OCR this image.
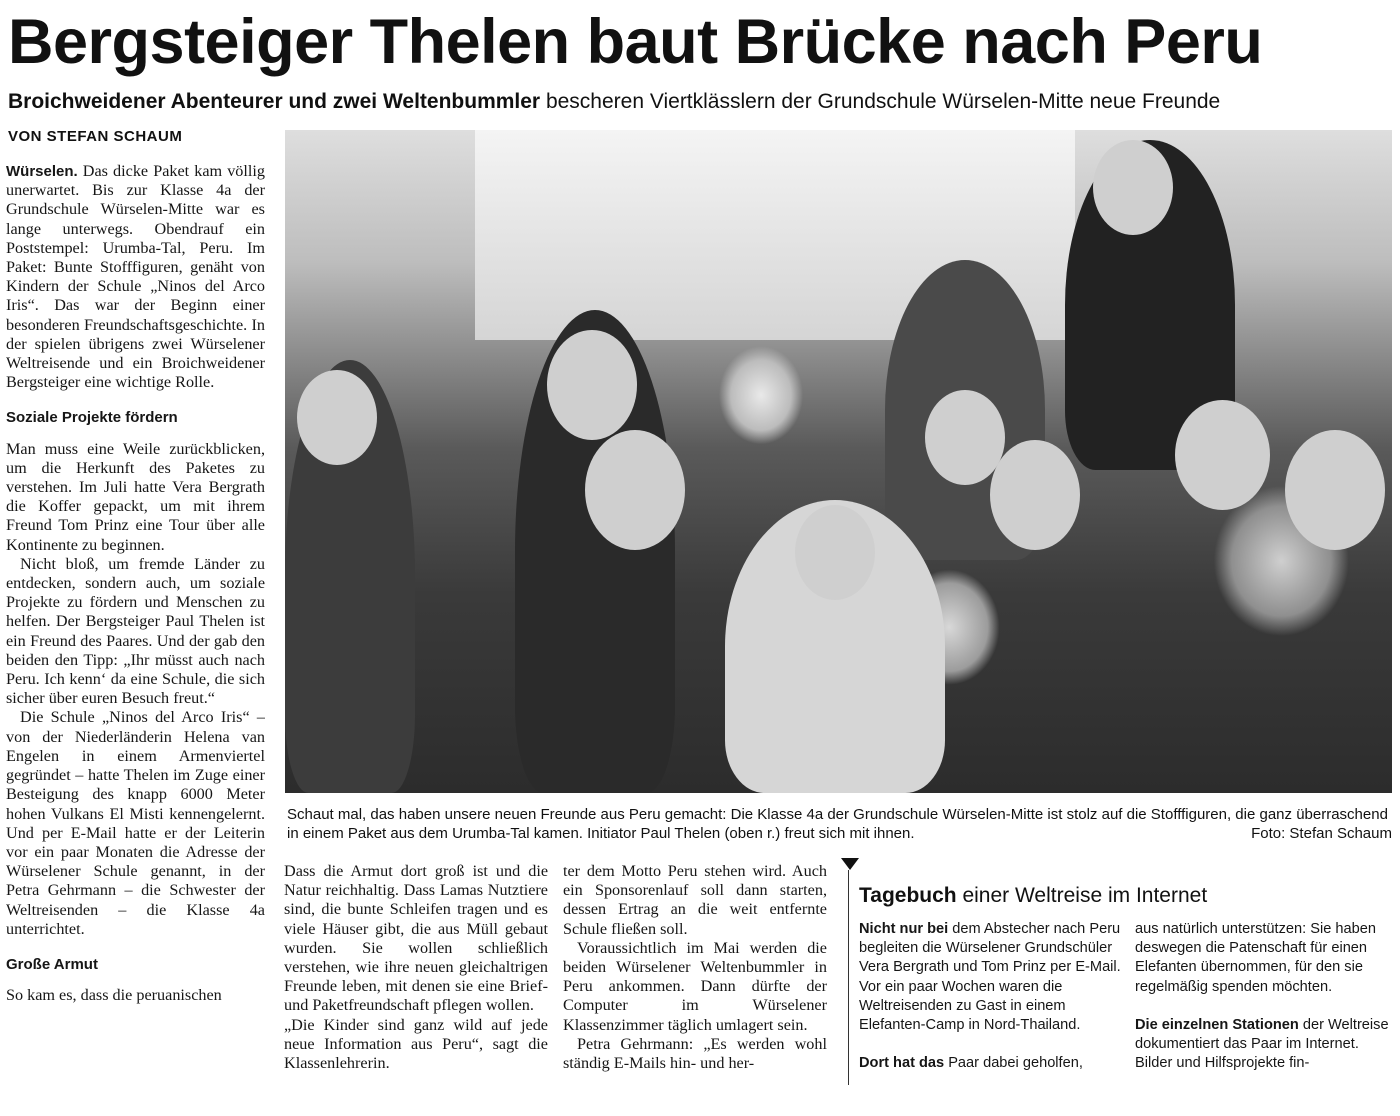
Bergsteiger Thelen baut Brücke nach Peru
Broichweidener Abenteurer und zwei Weltenbummler bescheren Viertklässlern der Grundschule Würselen-Mitte neue Freunde
VON STEFAN SCHAUM

Würselen. Das dicke Paket kam völlig unerwartet. Bis zur Klasse 4a der Grundschule Würselen-Mitte war es lange unterwegs. Obendrauf ein Poststempel: Urumba-Tal, Peru. Im Paket: Bunte Stofffiguren, genäht von Kindern der Schule „Ninos del Arco Iris“. Das war der Beginn einer besonderen Freundschaftsgeschichte. In der spielen übrigens zwei Würselener Weltreisende und ein Broichweidener Bergsteiger eine wichtige Rolle.

Soziale Projekte fördern

Man muss eine Weile zurückblicken, um die Herkunft des Paketes zu verstehen. Im Juli hatte Vera Bergrath die Koffer gepackt, um mit ihrem Freund Tom Prinz eine Tour über alle Kontinente zu beginnen.

Nicht bloß, um fremde Länder zu entdecken, sondern auch, um soziale Projekte zu fördern und Menschen zu helfen. Der Bergsteiger Paul Thelen ist ein Freund des Paares. Und der gab den beiden den Tipp: „Ihr müsst auch nach Peru. Ich kenn‘ da eine Schule, die sich sicher über euren Besuch freut.“

Die Schule „Ninos del Arco Iris“ – von der Niederländerin Helena van Engelen in einem Armenviertel gegründet – hatte Thelen im Zuge einer Besteigung des knapp 6000 Meter hohen Vulkans El Misti kennengelernt. Und per E-Mail hatte er der Leiterin vor ein paar Monaten die Adresse der Würselener Schule genannt, in der Petra Gehrmann – die Schwester der Weltreisenden – die Klasse 4a unterrichtet.

Große Armut

So kam es, dass die peruanischen

Schaut mal, das haben unsere neuen Freunde aus Peru gemacht: Die Klasse 4a der Grundschule Würselen-Mitte ist stolz auf die Stofffiguren, die ganz überraschend in einem Paket aus dem Urumba-Tal kamen. Initiator Paul Thelen (oben r.) freut sich mit ihnen.	Foto: Stefan Schaum

Dass die Armut dort groß ist und die Natur reichhaltig. Dass Lamas Nutztiere sind, die bunte Schleifen tragen und es viele Häuser gibt, die aus Müll gebaut wurden. Sie wollen schließlich verstehen, wie ihre neuen gleichaltrigen Freunde leben, mit denen sie eine Brief- und Paketfreundschaft pflegen wollen.

„Die Kinder sind ganz wild auf jede neue Information aus Peru“, sagt die Klassenlehrerin.

ter dem Motto Peru stehen wird. Auch ein Sponsorenlauf soll dann starten, dessen Ertrag an die weit entfernte Schule fließen soll.

Voraussichtlich im Mai werden die beiden Würselener Weltenbummler in Peru ankommen. Dann dürfte der Computer im Würselener Klassenzimmer täglich umlagert sein.

Petra Gehrmann: „Es werden wohl ständig E-Mails hin- und her-

Tagebuch einer Weltreise im Internet

Nicht nur bei dem Abstecher nach Peru begleiten die Würselener Grundschüler Vera Bergrath und Tom Prinz per E-Mail. Vor ein paar Wochen waren die Weltreisenden zu Gast in einem Elefanten-Camp in Nord-Thailand.

Dort hat das Paar dabei geholfen,

aus natürlich unterstützen: Sie haben deswegen die Patenschaft für einen Elefanten übernommen, für den sie regelmäßig spenden möchten.

Die einzelnen Stationen der Weltreise dokumentiert das Paar im Internet. Bilder und Hilfsprojekte fin-
